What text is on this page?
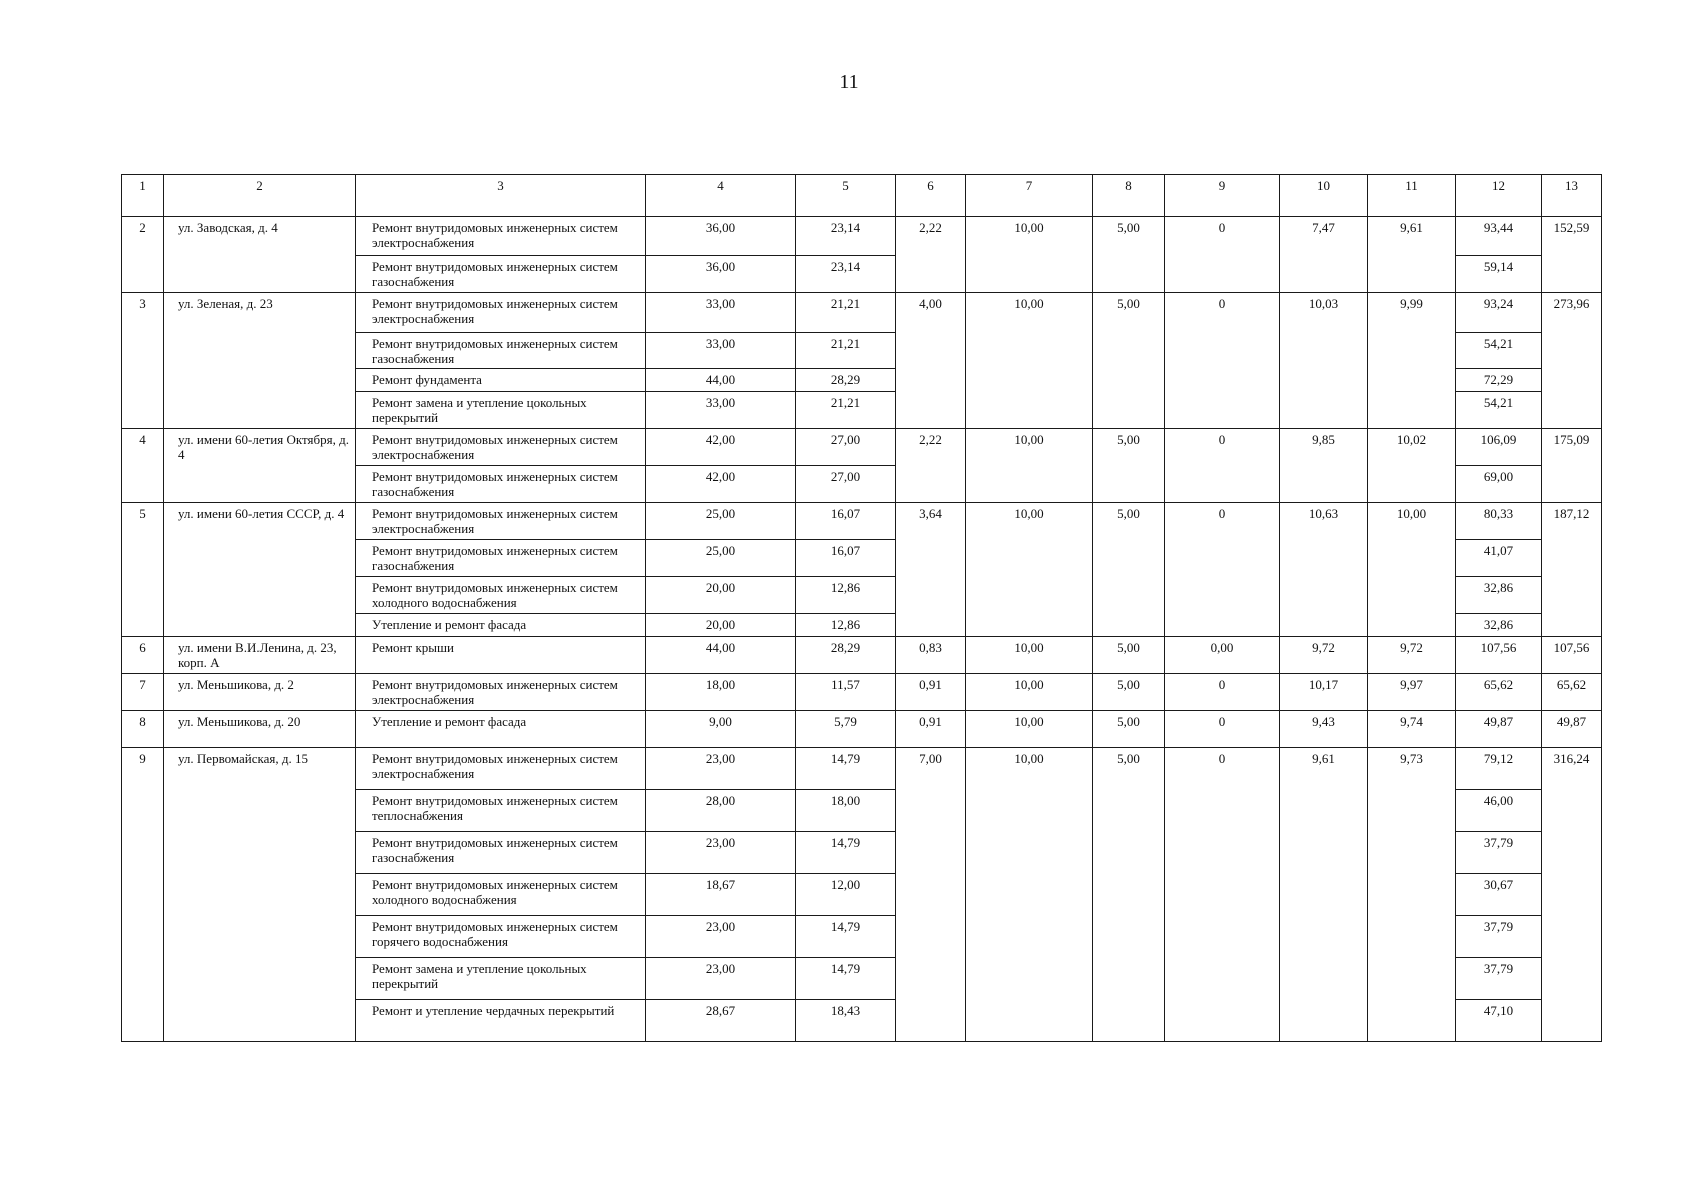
11
1	2	3	4	5	6	7	8	9	10	11	12	13
2	ул. Заводская, д. 4	Ремонт внутридомовых инженерных систем электроснабжения	36,00	23,14	2,22	10,00	5,00	0	7,47	9,61	93,44	152,59
		Ремонт внутридомовых инженерных систем газоснабжения	36,00	23,14							59,14	
3	ул. Зеленая, д. 23	Ремонт внутридомовых инженерных систем электроснабжения	33,00	21,21	4,00	10,00	5,00	0	10,03	9,99	93,24	273,96
		Ремонт внутридомовых инженерных систем газоснабжения	33,00	21,21							54,21	
		Ремонт фундамента	44,00	28,29							72,29	
		Ремонт замена и утепление цокольных перекрытий	33,00	21,21							54,21	
4	ул. имени 60-летия Октября, д. 4	Ремонт внутридомовых инженерных систем электроснабжения	42,00	27,00	2,22	10,00	5,00	0	9,85	10,02	106,09	175,09
		Ремонт внутридомовых инженерных систем газоснабжения	42,00	27,00							69,00	
5	ул. имени 60-летия СССР, д. 4	Ремонт внутридомовых инженерных систем электроснабжения	25,00	16,07	3,64	10,00	5,00	0	10,63	10,00	80,33	187,12
		Ремонт внутридомовых инженерных систем газоснабжения	25,00	16,07							41,07	
		Ремонт внутридомовых инженерных систем холодного водоснабжения	20,00	12,86							32,86	
		Утепление и ремонт фасада	20,00	12,86							32,86	
6	ул. имени В.И.Ленина, д. 23, корп. А	Ремонт крыши	44,00	28,29	0,83	10,00	5,00	0,00	9,72	9,72	107,56	107,56
7	ул. Меньшикова, д. 2	Ремонт внутридомовых инженерных систем электроснабжения	18,00	11,57	0,91	10,00	5,00	0	10,17	9,97	65,62	65,62
8	ул. Меньшикова, д. 20	Утепление и ремонт фасада	9,00	5,79	0,91	10,00	5,00	0	9,43	9,74	49,87	49,87
9	ул. Первомайская, д. 15	Ремонт внутридомовых инженерных систем электроснабжения	23,00	14,79	7,00	10,00	5,00	0	9,61	9,73	79,12	316,24
		Ремонт внутридомовых инженерных систем теплоснабжения	28,00	18,00							46,00	
		Ремонт внутридомовых инженерных систем газоснабжения	23,00	14,79							37,79	
		Ремонт внутридомовых инженерных систем холодного водоснабжения	18,67	12,00							30,67	
		Ремонт внутридомовых инженерных систем горячего водоснабжения	23,00	14,79							37,79	
		Ремонт замена и утепление цокольных перекрытий	23,00	14,79							37,79	
		Ремонт и утепление чердачных перекрытий	28,67	18,43							47,10	
